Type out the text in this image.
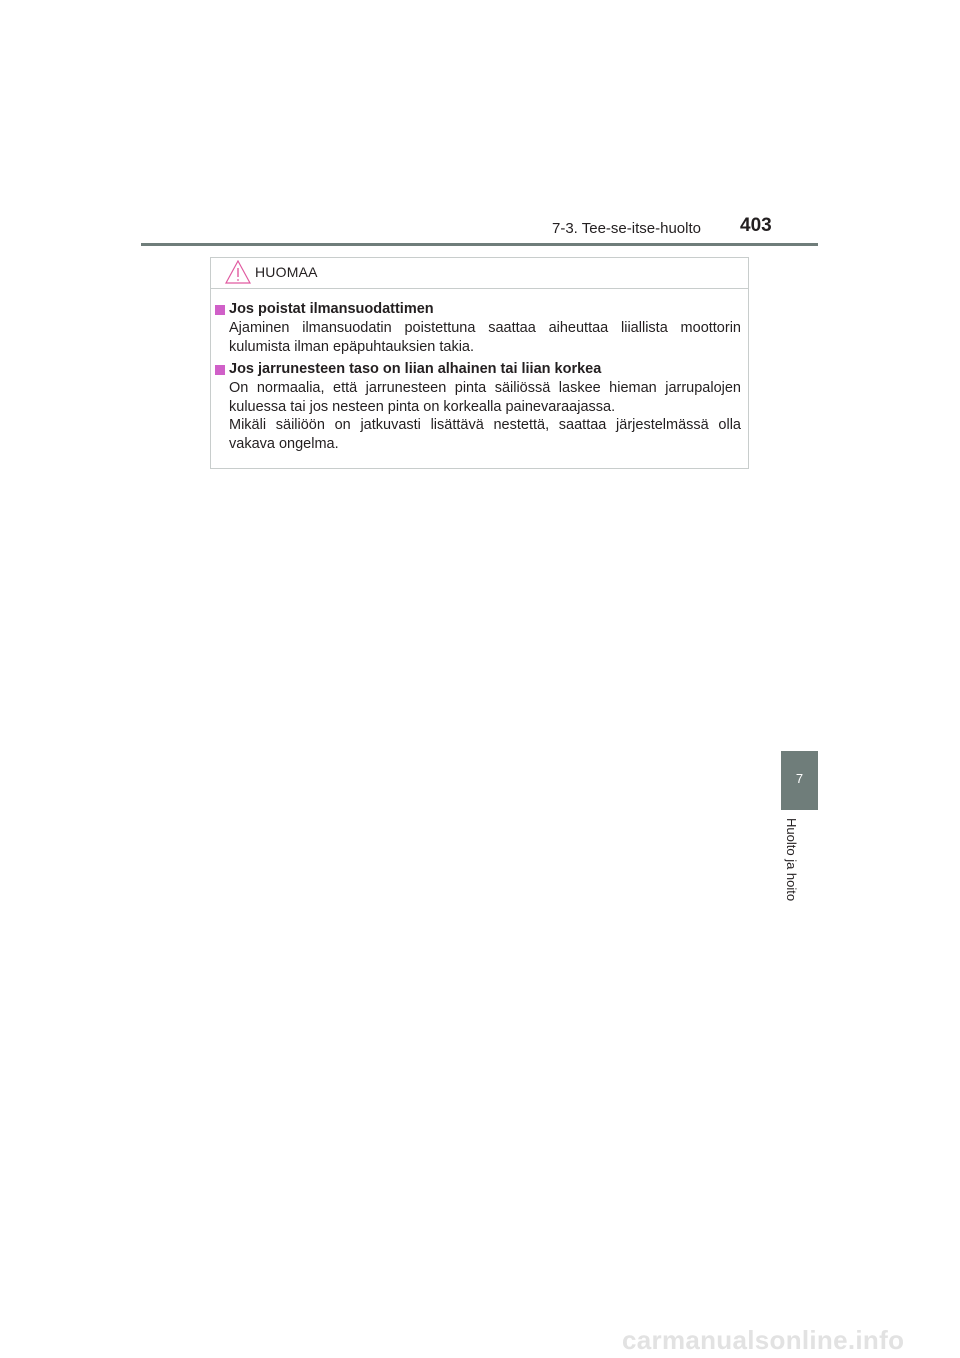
7-3. Tee-se-itse-huolto 403
HUOMAA
Jos poistat ilmansuodattimen

Ajaminen ilmansuodatin poistettuna saattaa aiheuttaa liiallista moottorin kulumista ilman epäpuhtauksien takia.

Jos jarrunesteen taso on liian alhainen tai liian korkea

On normaalia, että jarrunesteen pinta säiliössä laskee hieman jarrupalojen kuluessa tai jos nesteen pinta on korkealla painevaraajassa.

Mikäli säiliöön on jatkuvasti lisättävä nestettä, saattaa järjestelmässä olla vakava ongelma.

7
Huolto ja hoito
carmanualsonline.info
